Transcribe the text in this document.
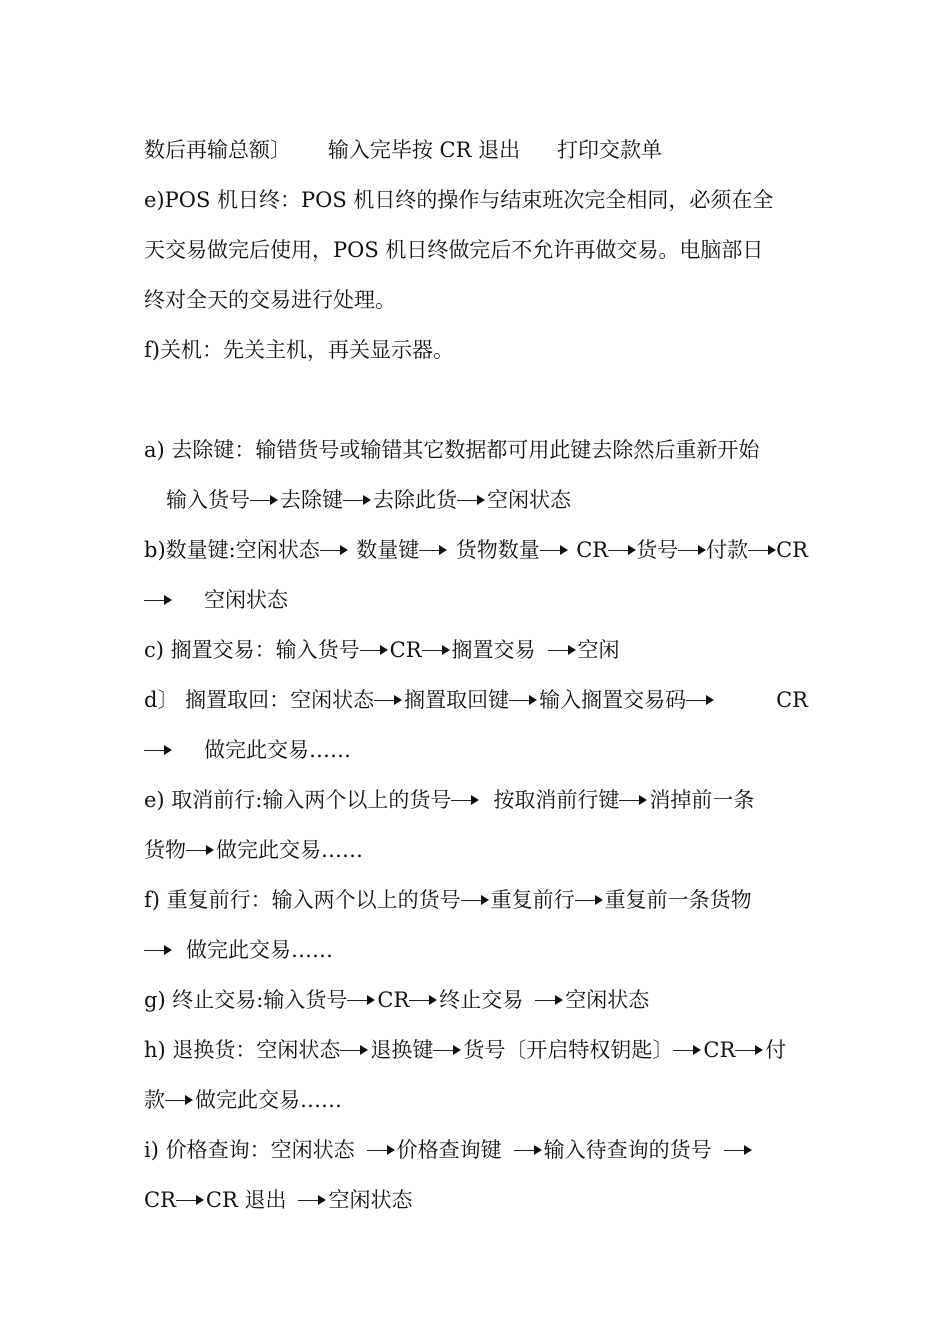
数后再输总额〕 输入完毕按 CR 退出 打印交款单
e)POS 机日终：POS 机日终的操作与结束班次完全相同，必须在全
天交易做完后使用，POS 机日终做完后不允许再做交易。电脑部日
终对全天的交易进行处理。
f)关机：先关主机，再关显示器。
a) 去除键：输错货号或输错其它数据都可用此键去除然后重新开始
输入货号 去除键 去除此货 空闲状态
b)数量键:空闲状态 数量键 货物数量 CR 货号 付款 CR
空闲状态
c) 搁置交易：输入货号 CR 搁置交易 空闲
d〕 搁置取回：空闲状态 搁置取回键 输入搁置交易码	CR
做完此交易……
e) 取消前行:输入两个以上的货号 按取消前行键 消掉前一条
货物 做完此交易……
f) 重复前行：输入两个以上的货号 重复前行 重复前一条货物
做完此交易……
g) 终止交易:输入货号 CR 终止交易 空闲状态
h) 退换货：空闲状态 退换键 货号〔开启特权钥匙〕 CR 付
款 做完此交易……
i) 价格查询：空闲状态 价格查询键 输入待查询的货号
CR CR 退出 空闲状态
